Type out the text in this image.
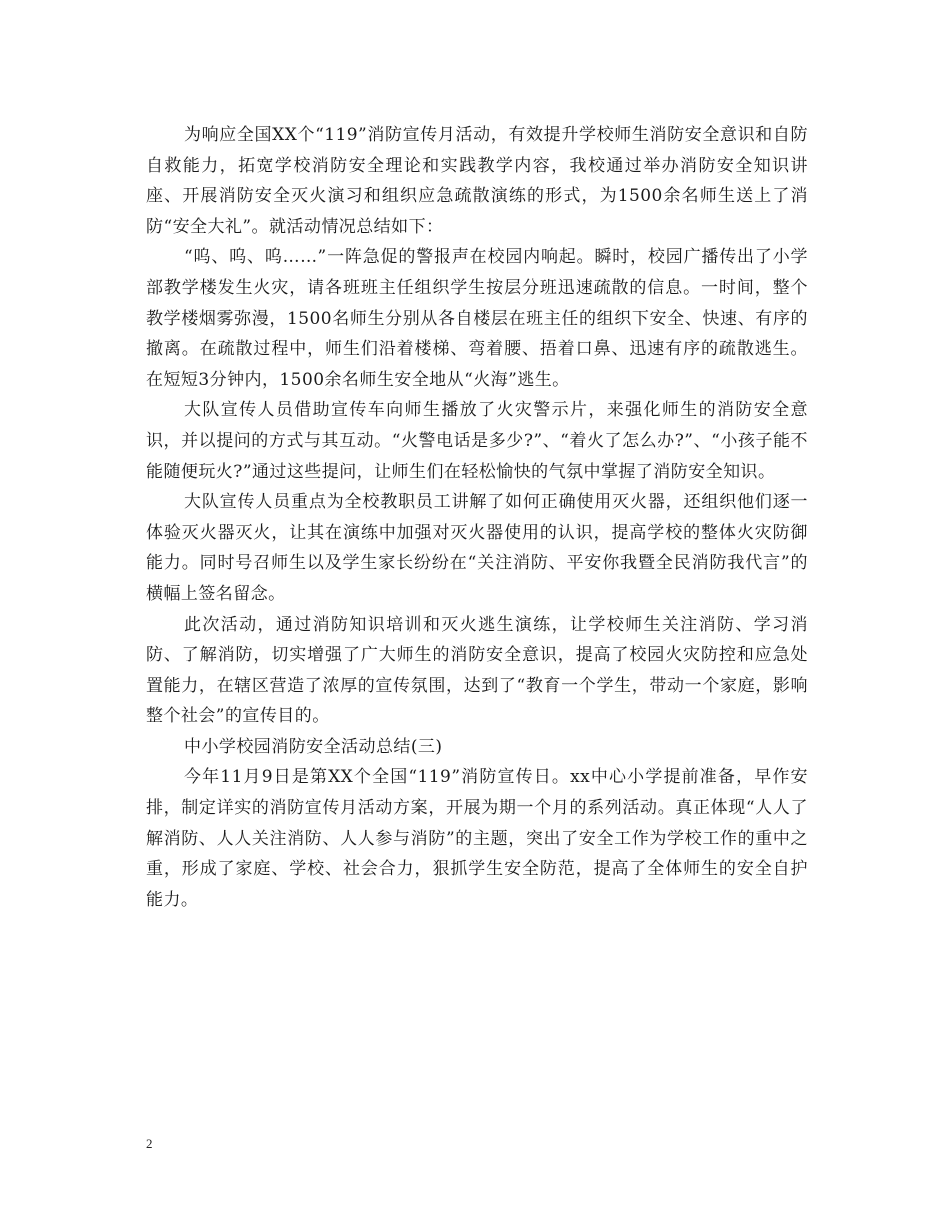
为响应全国XX个“119”消防宣传月活动，有效提升学校师生消防安全意识和自防自救能力，拓宽学校消防安全理论和实践教学内容，我校通过举办消防安全知识讲座、开展消防安全灭火演习和组织应急疏散演练的形式，为1500余名师生送上了消防“安全大礼”。就活动情况总结如下：

“呜、呜、呜……”一阵急促的警报声在校园内响起。瞬时，校园广播传出了小学部教学楼发生火灾，请各班班主任组织学生按层分班迅速疏散的信息。一时间，整个教学楼烟雾弥漫，1500名师生分别从各自楼层在班主任的组织下安全、快速、有序的撤离。在疏散过程中，师生们沿着楼梯、弯着腰、捂着口鼻、迅速有序的疏散逃生。在短短3分钟内，1500余名师生安全地从“火海”逃生。

大队宣传人员借助宣传车向师生播放了火灾警示片，来强化师生的消防安全意识，并以提问的方式与其互动。“火警电话是多少?”、“着火了怎么办?”、“小孩子能不能随便玩火?”通过这些提问，让师生们在轻松愉快的气氛中掌握了消防安全知识。

大队宣传人员重点为全校教职员工讲解了如何正确使用灭火器，还组织他们逐一体验灭火器灭火，让其在演练中加强对灭火器使用的认识，提高学校的整体火灾防御能力。同时号召师生以及学生家长纷纷在“关注消防、平安你我暨全民消防我代言”的横幅上签名留念。

此次活动，通过消防知识培训和灭火逃生演练，让学校师生关注消防、学习消防、了解消防，切实增强了广大师生的消防安全意识，提高了校园火灾防控和应急处置能力，在辖区营造了浓厚的宣传氛围，达到了“教育一个学生，带动一个家庭，影响整个社会”的宣传目的。

中小学校园消防安全活动总结(三)

今年11月9日是第XX个全国“119”消防宣传日。xx中心小学提前准备，早作安排，制定详实的消防宣传月活动方案，开展为期一个月的系列活动。真正体现“人人了解消防、人人关注消防、人人参与消防”的主题，突出了安全工作为学校工作的重中之重，形成了家庭、学校、社会合力，狠抓学生安全防范，提高了全体师生的安全自护能力。

2
